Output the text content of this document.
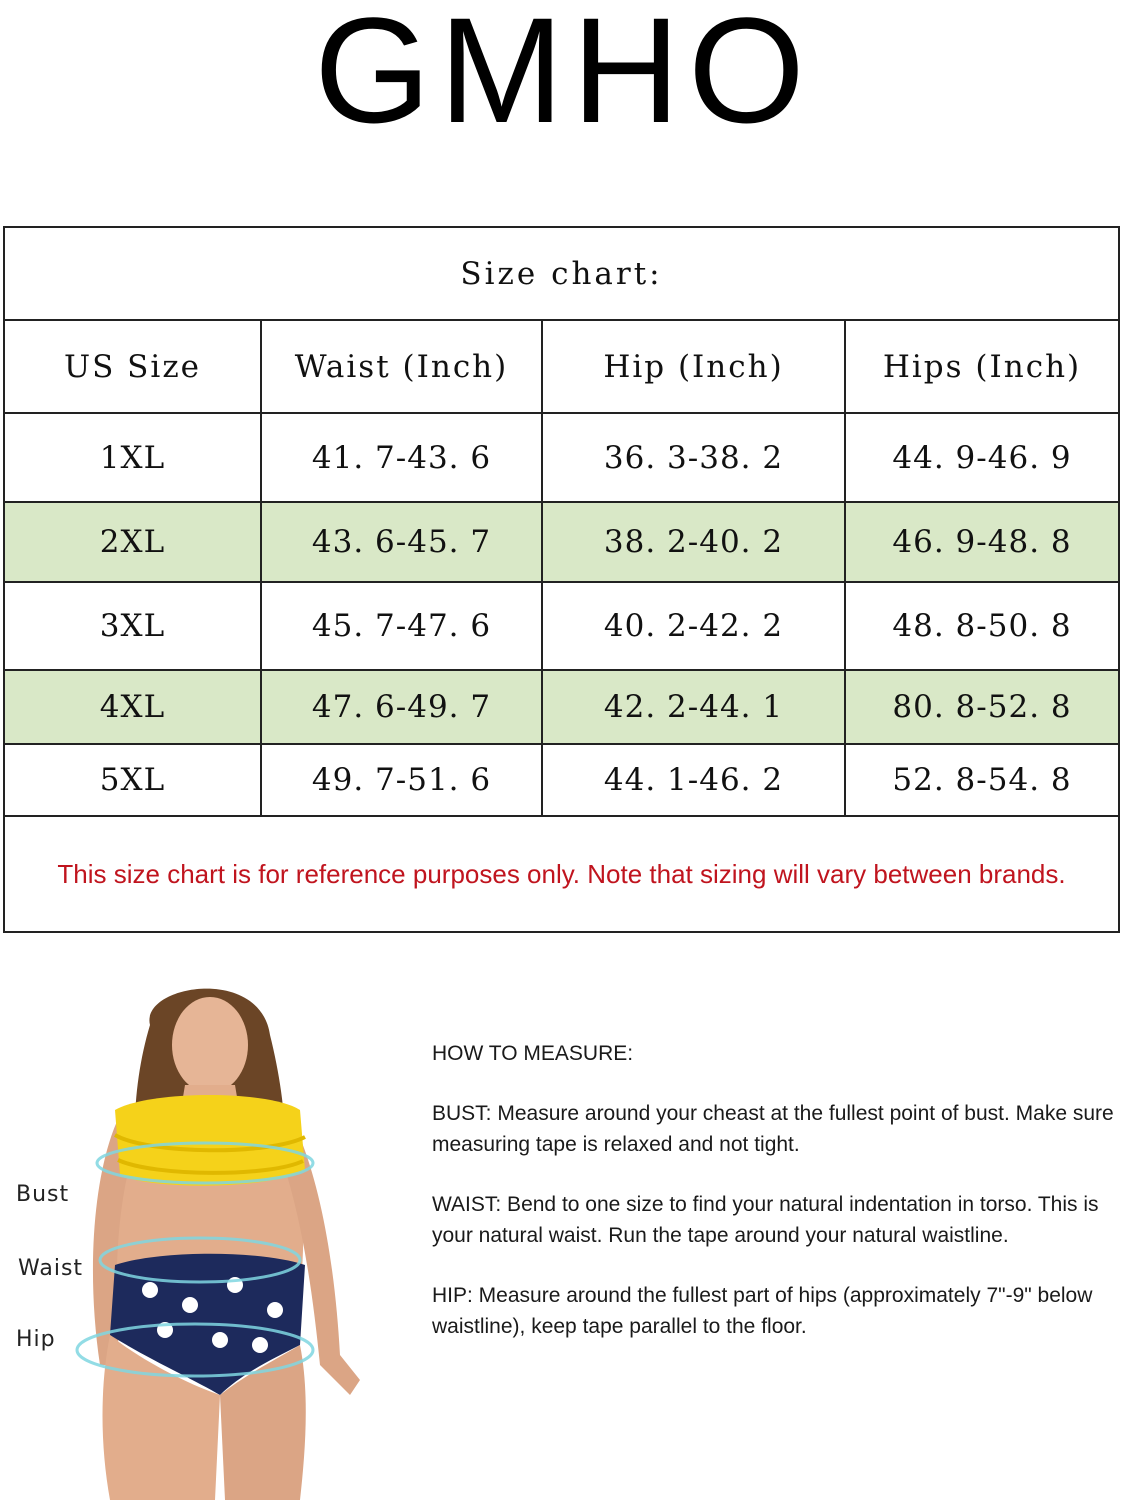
GMHO
Size chart:			
US Size	Waist (Inch)	Hip (Inch)	Hips (Inch)
1XL	41. 7-43. 6	36. 3-38. 2	44. 9-46. 9
2XL	43. 6-45. 7	38. 2-40. 2	46. 9-48. 8
3XL	45. 7-47. 6	40. 2-42. 2	48. 8-50. 8
4XL	47. 6-49. 7	42. 2-44. 1	80. 8-52. 8
5XL	49. 7-51. 6	44. 1-46. 2	52. 8-54. 8
This size chart is for reference purposes only. Note that sizing will vary between brands.			
Bust
Waist
Hip

HOW TO MEASURE:

BUST: Measure around your cheast at the fullest point of bust. Make sure measuring tape is relaxed and not tight.

WAIST: Bend to one size to find your natural indentation in torso. This is your natural waist. Run the tape around your natural waistline.

HIP: Measure around the fullest part of hips (approximately 7"-9" below waistline), keep tape parallel to the floor.
